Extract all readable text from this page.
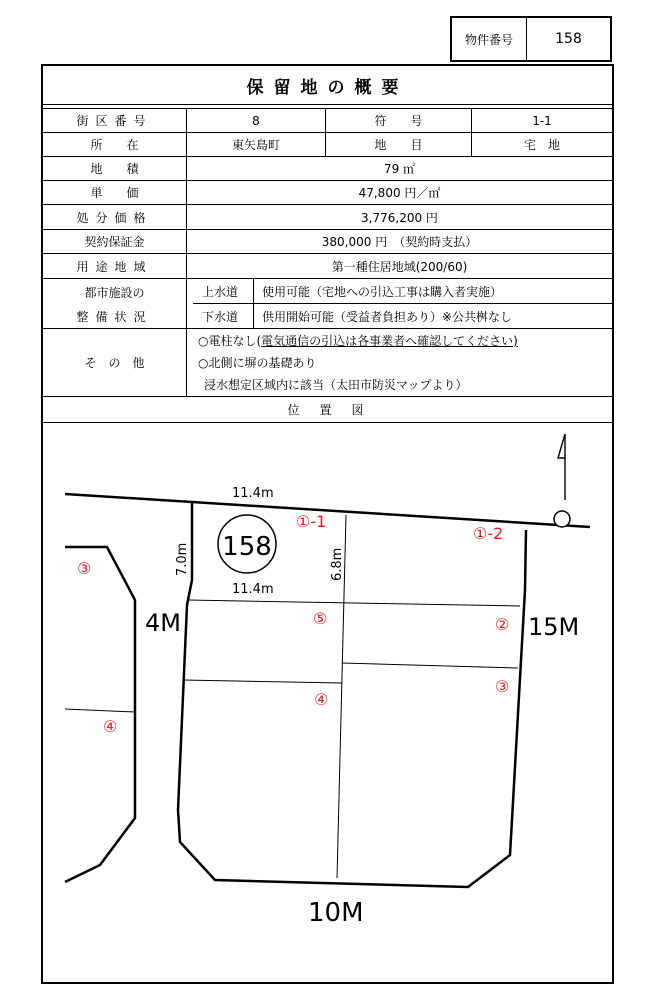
物件番号	158
保留地の概要
街区番号	8	符　　号	1-1
所　　在	東矢島町	地　　目	宅　地
地　　積	79 ㎡
単　　価	47,800 円／㎡
処分価格	3,776,200 円
契約保証金	380,000 円　（契約時支払）
用途地域	第一種住居地域(200/60)
都市施設の
整備状況
上水道	使用可能（宅地への引込工事は購入者実施）
下水道	供用開始可能（受益者負担あり）※公共桝なし
そ　の　他
○電柱なし( 電気通信の引込は各事業者へ確認してください)
○北側に塀の基礎あり
浸水想定区域内に該当（太田市防災マップより）
位　置　図
158
11.4m
11.4m
7.0m	6.8m
4M	15M
10M
①-1
①-2
②
③
③
④
④
⑤
